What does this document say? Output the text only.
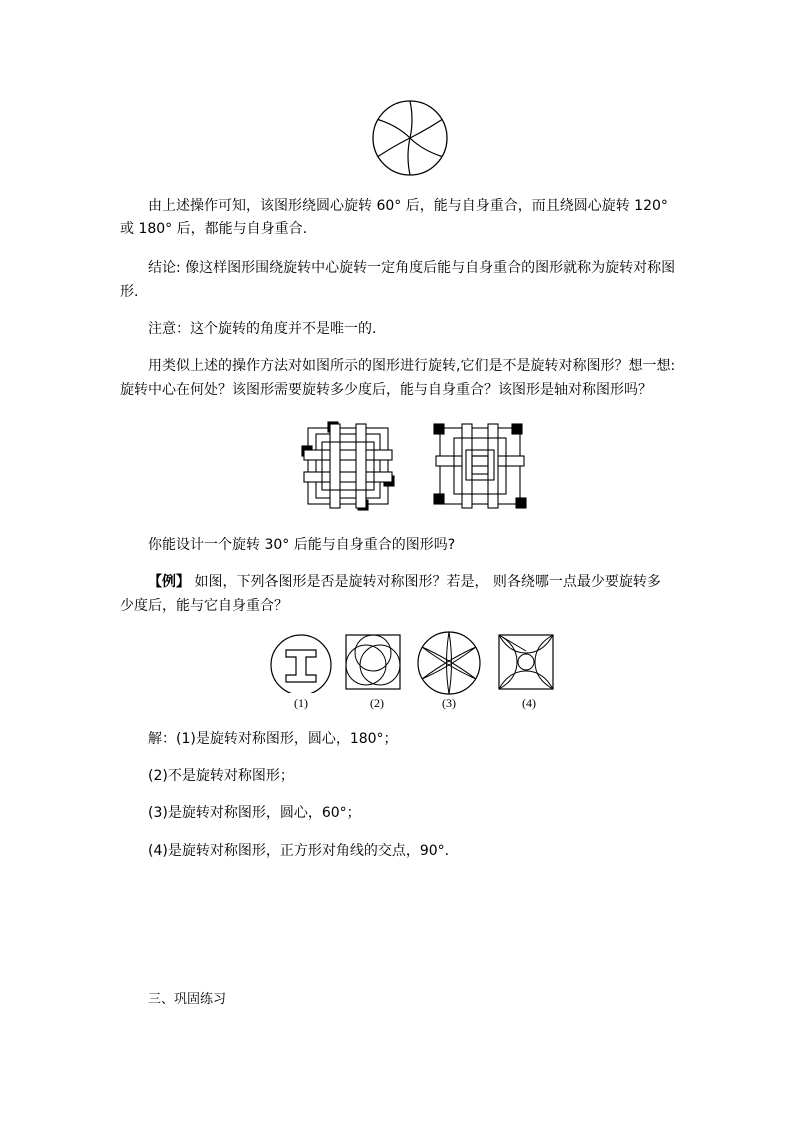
由上述操作可知，该图形绕圆心旋转 60° 后，能与自身重合，而且绕圆心旋转 120°
或 180° 后，都能与自身重合.
结论: 像这样图形围绕旋转中心旋转一定角度后能与自身重合的图形就称为旋转对称图
形.
注意：这个旋转的角度并不是唯一的.
用类似上述的操作方法对如图所示的图形进行旋转,它们是不是旋转对称图形？想一想:
旋转中心在何处？该图形需要旋转多少度后，能与自身重合？该图形是轴对称图形吗？
你能设计一个旋转 30° 后能与自身重合的图形吗?
【例】 如图，下列各图形是否是旋转对称图形？若是， 则各绕哪一点最少要旋转多
少度后，能与它自身重合？
(1)	(2)	(3)	(4)
解：(1)是旋转对称图形，圆心，180°；
(2)不是旋转对称图形；
(3)是旋转对称图形，圆心，60°；
(4)是旋转对称图形，正方形对角线的交点，90°.
三、巩固练习
